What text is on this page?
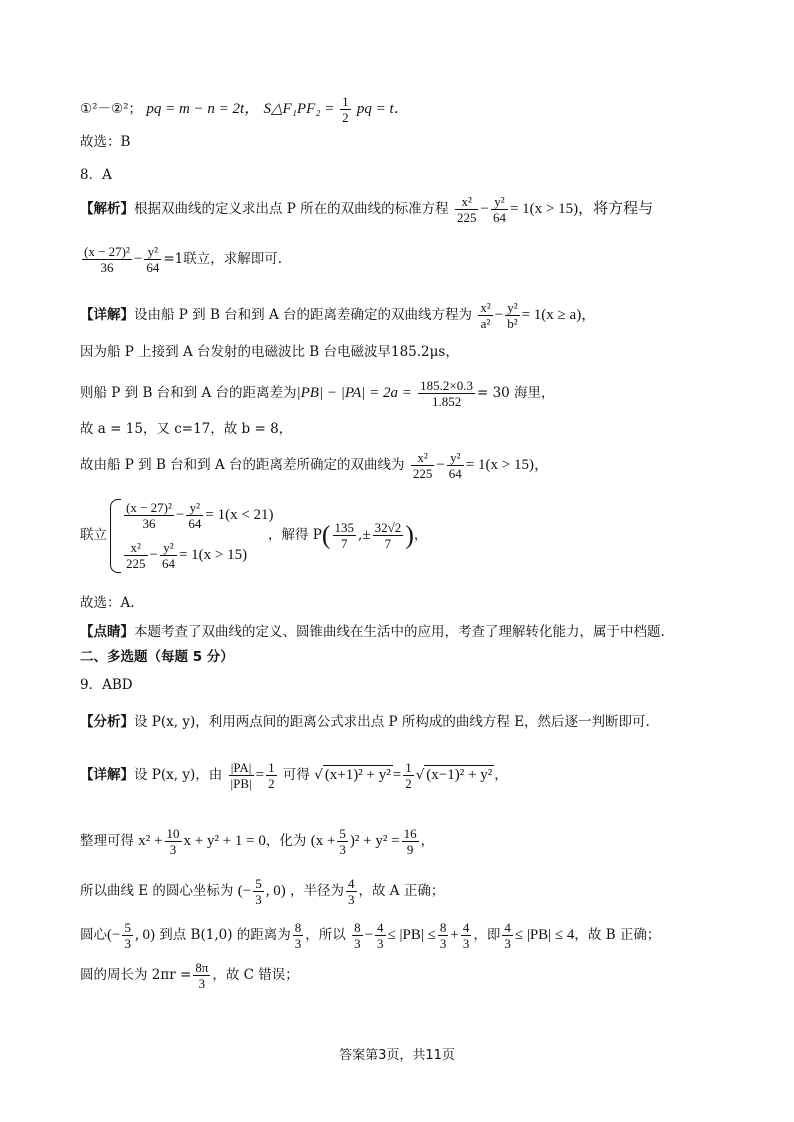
①²－②²； pq = m − n = 2t， S△F₁PF₂ = $\frac{1}{2}$ pq = t．
故选：B
8．A
【解析】根据双曲线的定义求出点 P 所在的双曲线的标准方程 $\frac{\text{x²}}{225} - \frac{\text{y²}}{64} = 1(x > 15)$，将方程与
$\frac{\text{(x − 27)²}}{36} - \frac{\text{y²}}{64} =1$联立，求解即可.
【详解】设由船 P 到 B 台和到 A 台的距离差确定的双曲线方程为 $\frac{\text{x²}}{\text{a²}} - \frac{\text{y²}}{\text{b²}} = 1(x \ge a)$，
因为船 P 上接到 A 台发射的电磁波比 B 台电磁波早185.2μs，
则船 P 到 B 台和到 A 台的距离差为$|PB| - |PA| = 2a = \frac{185.2\times 0.3}{1.852} = 30$ 海里，
故 a = 15，又 c=17，故 b = 8，
故由船 P 到 B 台和到 A 台的距离差所确定的双曲线为 $\frac{\text{x²}}{225} - \frac{\text{y²}}{64} = 1(x > 15)$，
联立
$\frac{\text{(x − 27)²}}{36} - \frac{\text{y²}}{64} = 1(x < 21)$
$\frac{\text{x²}}{225} - \frac{\text{y²}}{64} = 1(x > 15)$
，解得 $P( \frac{135}{7}$ ,± $\frac{32√2}{7}$ )，
故选：A.
【点睛】本题考查了双曲线的定义、圆锥曲线在生活中的应用，考查了理解转化能力，属于中档题.
二、多选题（每题 5 分）
9．ABD
【分析】设 P(x, y)，利用两点间的距离公式求出点 P 所构成的曲线方程 E，然后逐一判断即可.
【详解】设 P(x, y)，由 $\frac{|PA|}{|PB|} = \frac{1}{2}$ 可得 √ $(x+1)^2 + y^2 = \frac{1}{2}$ √ (x−1)² + y² ，
整理可得 $x^2 + \frac{10}{3}$ x + y² + 1 = 0，化为 $(x + \frac{5}{3} )^2 + y^2 = \frac{16}{9}$ ，
所以曲线 E 的圆心坐标为 (− $\frac{5}{3}$ , 0) ，半径为 $\frac{4}{3}$ ，故 A 正确；
圆心(− $\frac{5}{3}$ , 0) 到点 B(1,0) 的距离为 $\frac{8}{3}$ ，所以 $\frac{8}{3} - \frac{4}{3} \le |PB| \le \frac{8}{3} + \frac{4}{3}$ ，即 $\frac{4}{3} \le |PB| \le 4$，故 B 正确；
圆的周长为 $2\pi r = \frac{8\pi}{3}$ ，故 C 错误；
答案第3页，共11页
